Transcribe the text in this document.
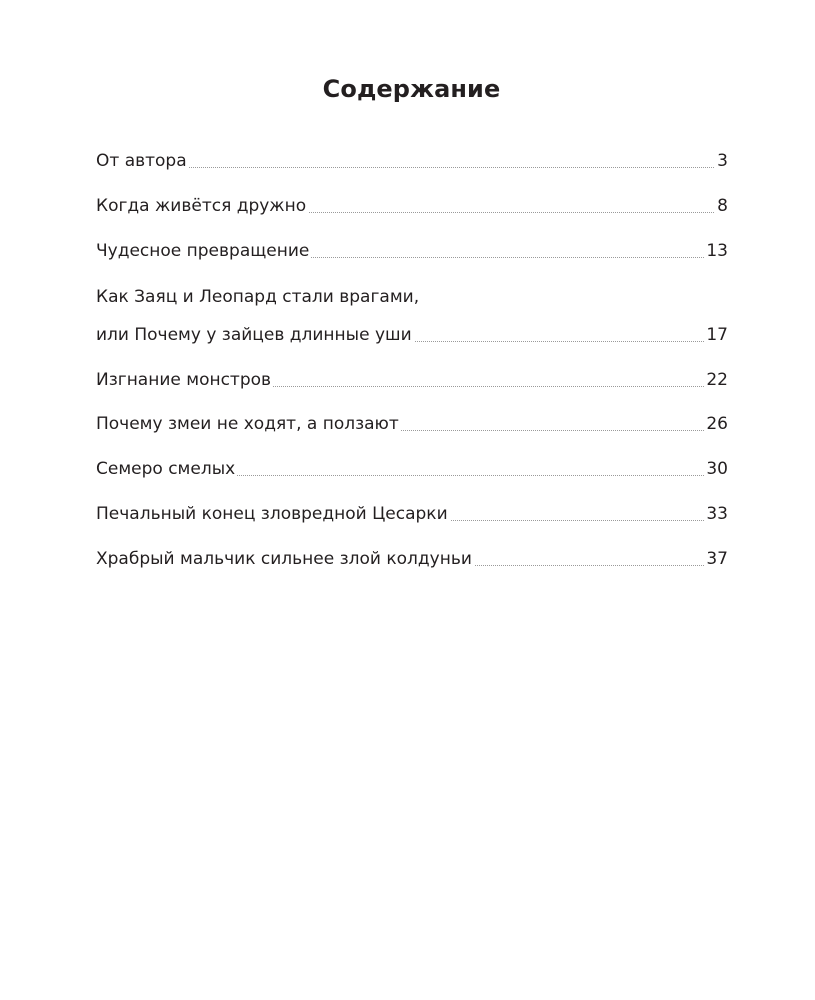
Содержание
От автора	3
Когда живётся дружно	8
Чудесное превращение	13
Как Заяц и Леопард стали врагами,
или Почему у зайцев длинные уши	17
Изгнание монстров	22
Почему змеи не ходят, а ползают	26
Семеро смелых	30
Печальный конец зловредной Цесарки	33
Храбрый мальчик сильнее злой колдуньи	37
